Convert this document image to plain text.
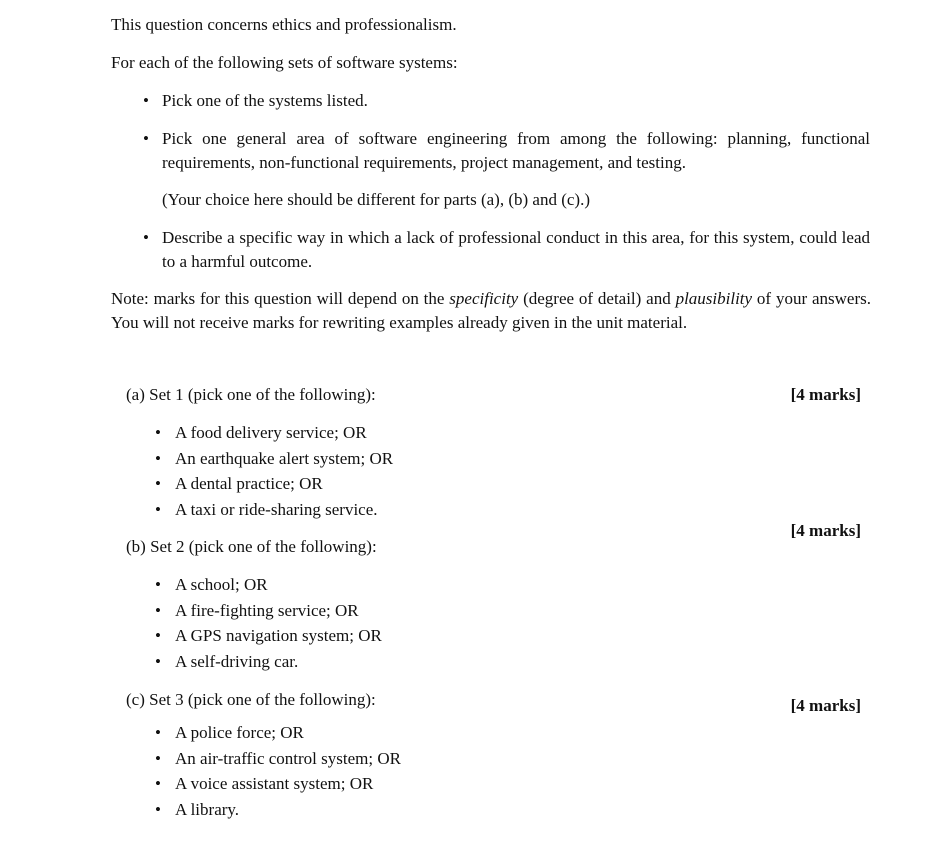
This question concerns ethics and professionalism.

For each of the following sets of software systems:

• Pick one of the systems listed.
• Pick one general area of software engineering from among the following: planning, functional requirements, non-functional requirements, project management, and testing.

(Your choice here should be different for parts (a), (b) and (c).)

• Describe a specific way in which a lack of professional conduct in this area, for this system, could lead to a harmful outcome.

Note: marks for this question will depend on the specificity (degree of detail) and plausibility of your answers. You will not receive marks for rewriting examples already given in the unit material.

(a) Set 1 (pick one of the following):	[4 marks]
• A food delivery service; OR
• An earthquake alert system; OR
• A dental practice; OR
• A taxi or ride-sharing service.
[4 marks]
(b) Set 2 (pick one of the following):
• A school; OR
• A fire-fighting service; OR
• A GPS navigation system; OR
• A self-driving car.
(c) Set 3 (pick one of the following):	[4 marks]
• A police force; OR
• An air-traffic control system; OR
• A voice assistant system; OR
• A library.
